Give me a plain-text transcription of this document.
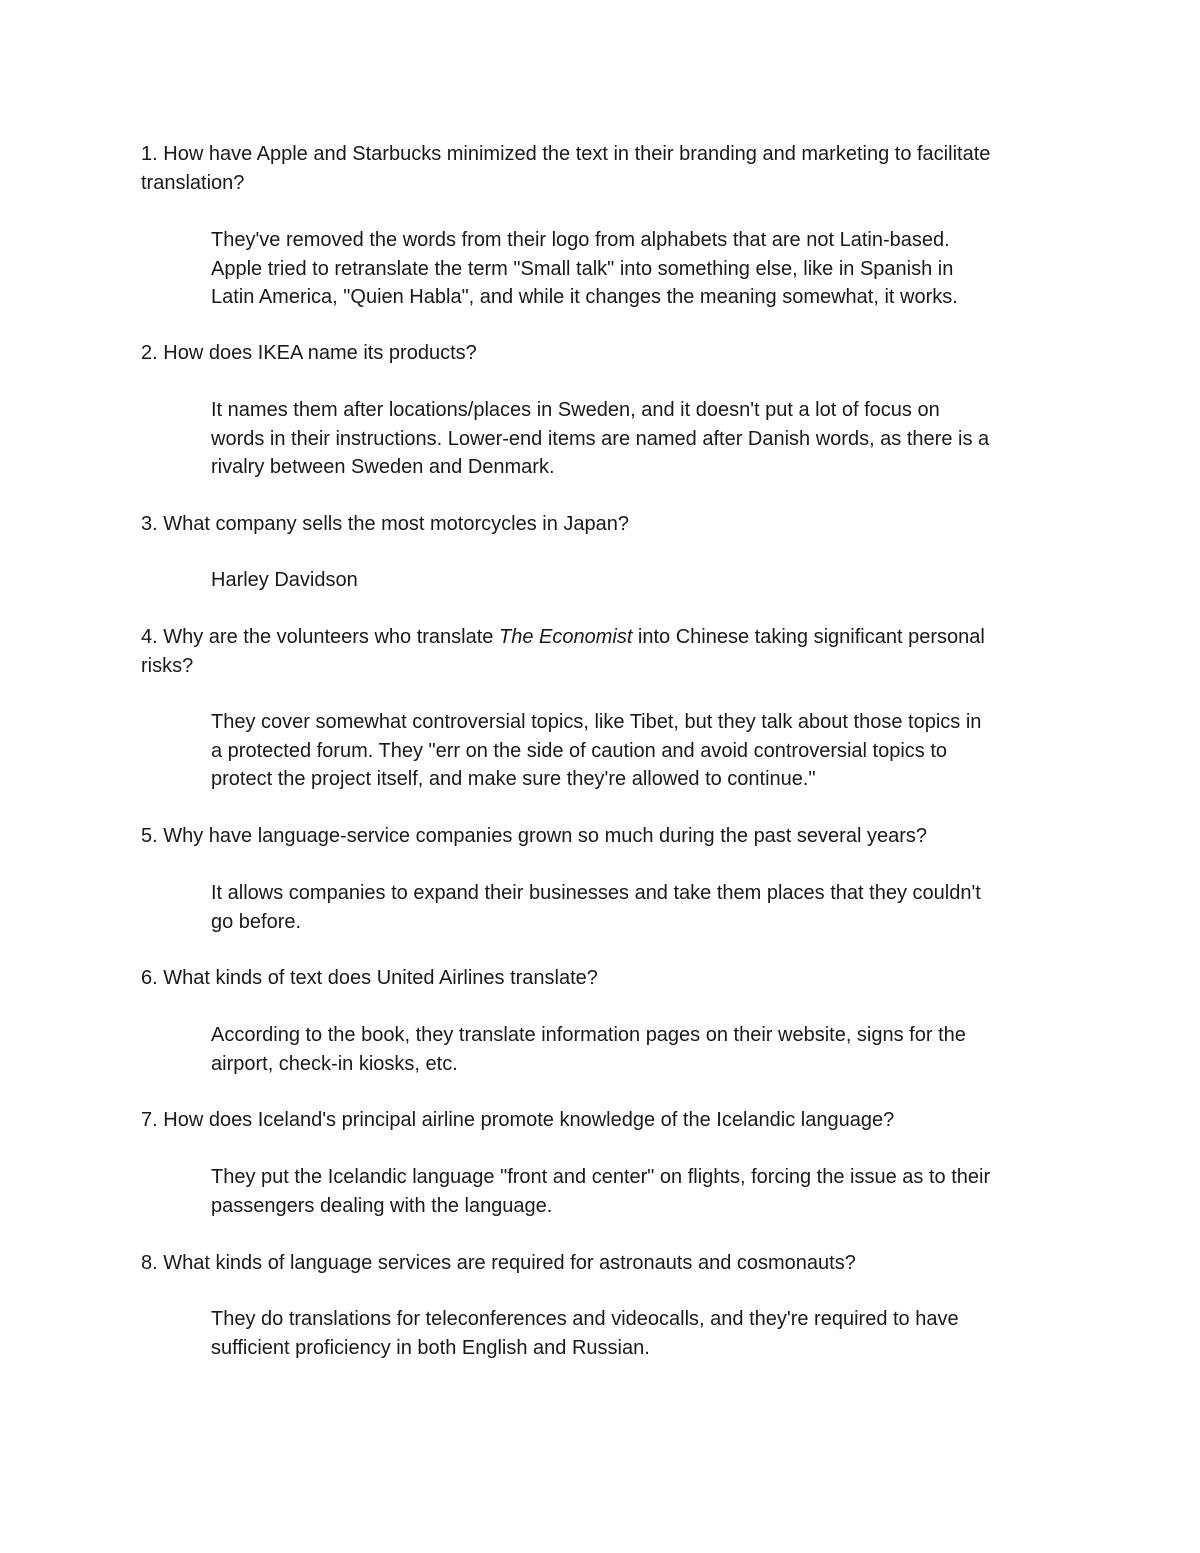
1. How have Apple and Starbucks minimized the text in their branding and marketing to facilitate
translation?

They've removed the words from their logo from alphabets that are not Latin-based.
Apple tried to retranslate the term "Small talk" into something else, like in Spanish in
Latin America, "Quien Habla", and while it changes the meaning somewhat, it works.

2. How does IKEA name its products?

It names them after locations/places in Sweden, and it doesn't put a lot of focus on
words in their instructions. Lower-end items are named after Danish words, as there is a
rivalry between Sweden and Denmark.

3. What company sells the most motorcycles in Japan?

Harley Davidson

4. Why are the volunteers who translate The Economist into Chinese taking significant personal
risks?

They cover somewhat controversial topics, like Tibet, but they talk about those topics in
a protected forum. They "err on the side of caution and avoid controversial topics to
protect the project itself, and make sure they're allowed to continue."

5. Why have language-service companies grown so much during the past several years?

It allows companies to expand their businesses and take them places that they couldn't
go before.

6. What kinds of text does United Airlines translate?

According to the book, they translate information pages on their website, signs for the
airport, check-in kiosks, etc.

7. How does Iceland's principal airline promote knowledge of the Icelandic language?

They put the Icelandic language "front and center" on flights, forcing the issue as to their
passengers dealing with the language.

8. What kinds of language services are required for astronauts and cosmonauts?

They do translations for teleconferences and videocalls, and they're required to have
sufficient proficiency in both English and Russian.
